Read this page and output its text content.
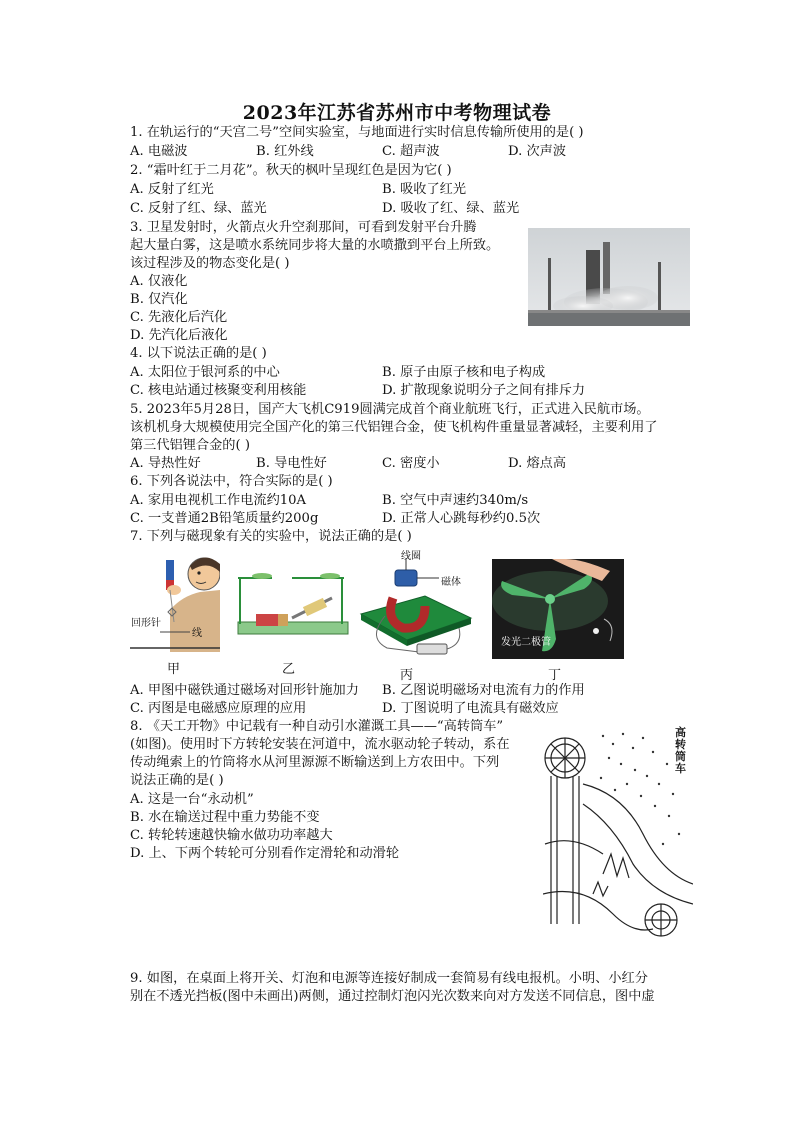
2023年江苏省苏州市中考物理试卷
1. 在轨运行的“天宫二号”空间实验室，与地面进行实时信息传输所使用的是( )
A. 电磁波	B. 红外线	C. 超声波	D. 次声波
2. “霜叶红于二月花”。秋天的枫叶呈现红色是因为它( )
A. 反射了红光	B. 吸收了红光
C. 反射了红、绿、蓝光	D. 吸收了红、绿、蓝光
3. 卫星发射时，火箭点火升空刹那间，可看到发射平台升腾
起大量白雾，这是喷水系统同步将大量的水喷撒到平台上所致。
该过程涉及的物态变化是( )
A. 仅液化
B. 仅汽化
C. 先液化后汽化
D. 先汽化后液化
4. 以下说法正确的是( )
A. 太阳位于银河系的中心	B. 原子由原子核和电子构成
C. 核电站通过核聚变利用核能	D. 扩散现象说明分子之间有排斥力
5. 2023年5月28日，国产大飞机C919圆满完成首个商业航班飞行，正式进入民航市场。
该机机身大规模使用完全国产化的第三代铝锂合金，使飞机构件重量显著减轻，主要利用了
第三代铝锂合金的( )
A. 导热性好	B. 导电性好	C. 密度小	D. 熔点高
6. 下列各说法中，符合实际的是( )
A. 家用电视机工作电流约10A	B. 空气中声速约340m/s
C. 一支普通2B铅笔质量约200g	D. 正常人心跳每秒约0.5次
7. 下列与磁现象有关的实验中，说法正确的是( )
回形针
线
线圈
磁体
发光二极管
甲	乙	丙	丁
A. 甲图中磁铁通过磁场对回形针施加力 B. 乙图说明磁场对电流有力的作用
C. 丙图是电磁感应原理的应用	D. 丁图说明了电流具有磁效应
8. 《天工开物》中记载有一种自动引水灌溉工具——“高转筒车”
(如图)。使用时下方转轮安装在河道中，流水驱动轮子转动，系在
传动绳索上的竹筒将水从河里源源不断输送到上方农田中。下列
说法正确的是( )
A. 这是一台“永动机”
B. 水在输送过程中重力势能不变
C. 转轮转速越快输水做功功率越大
D. 上、下两个转轮可分别看作定滑轮和动滑轮
高转筒车
9. 如图，在桌面上将开关、灯泡和电源等连接好制成一套简易有线电报机。小明、小红分
别在不透光挡板(图中未画出)两侧，通过控制灯泡闪光次数来向对方发送不同信息，图中虚
